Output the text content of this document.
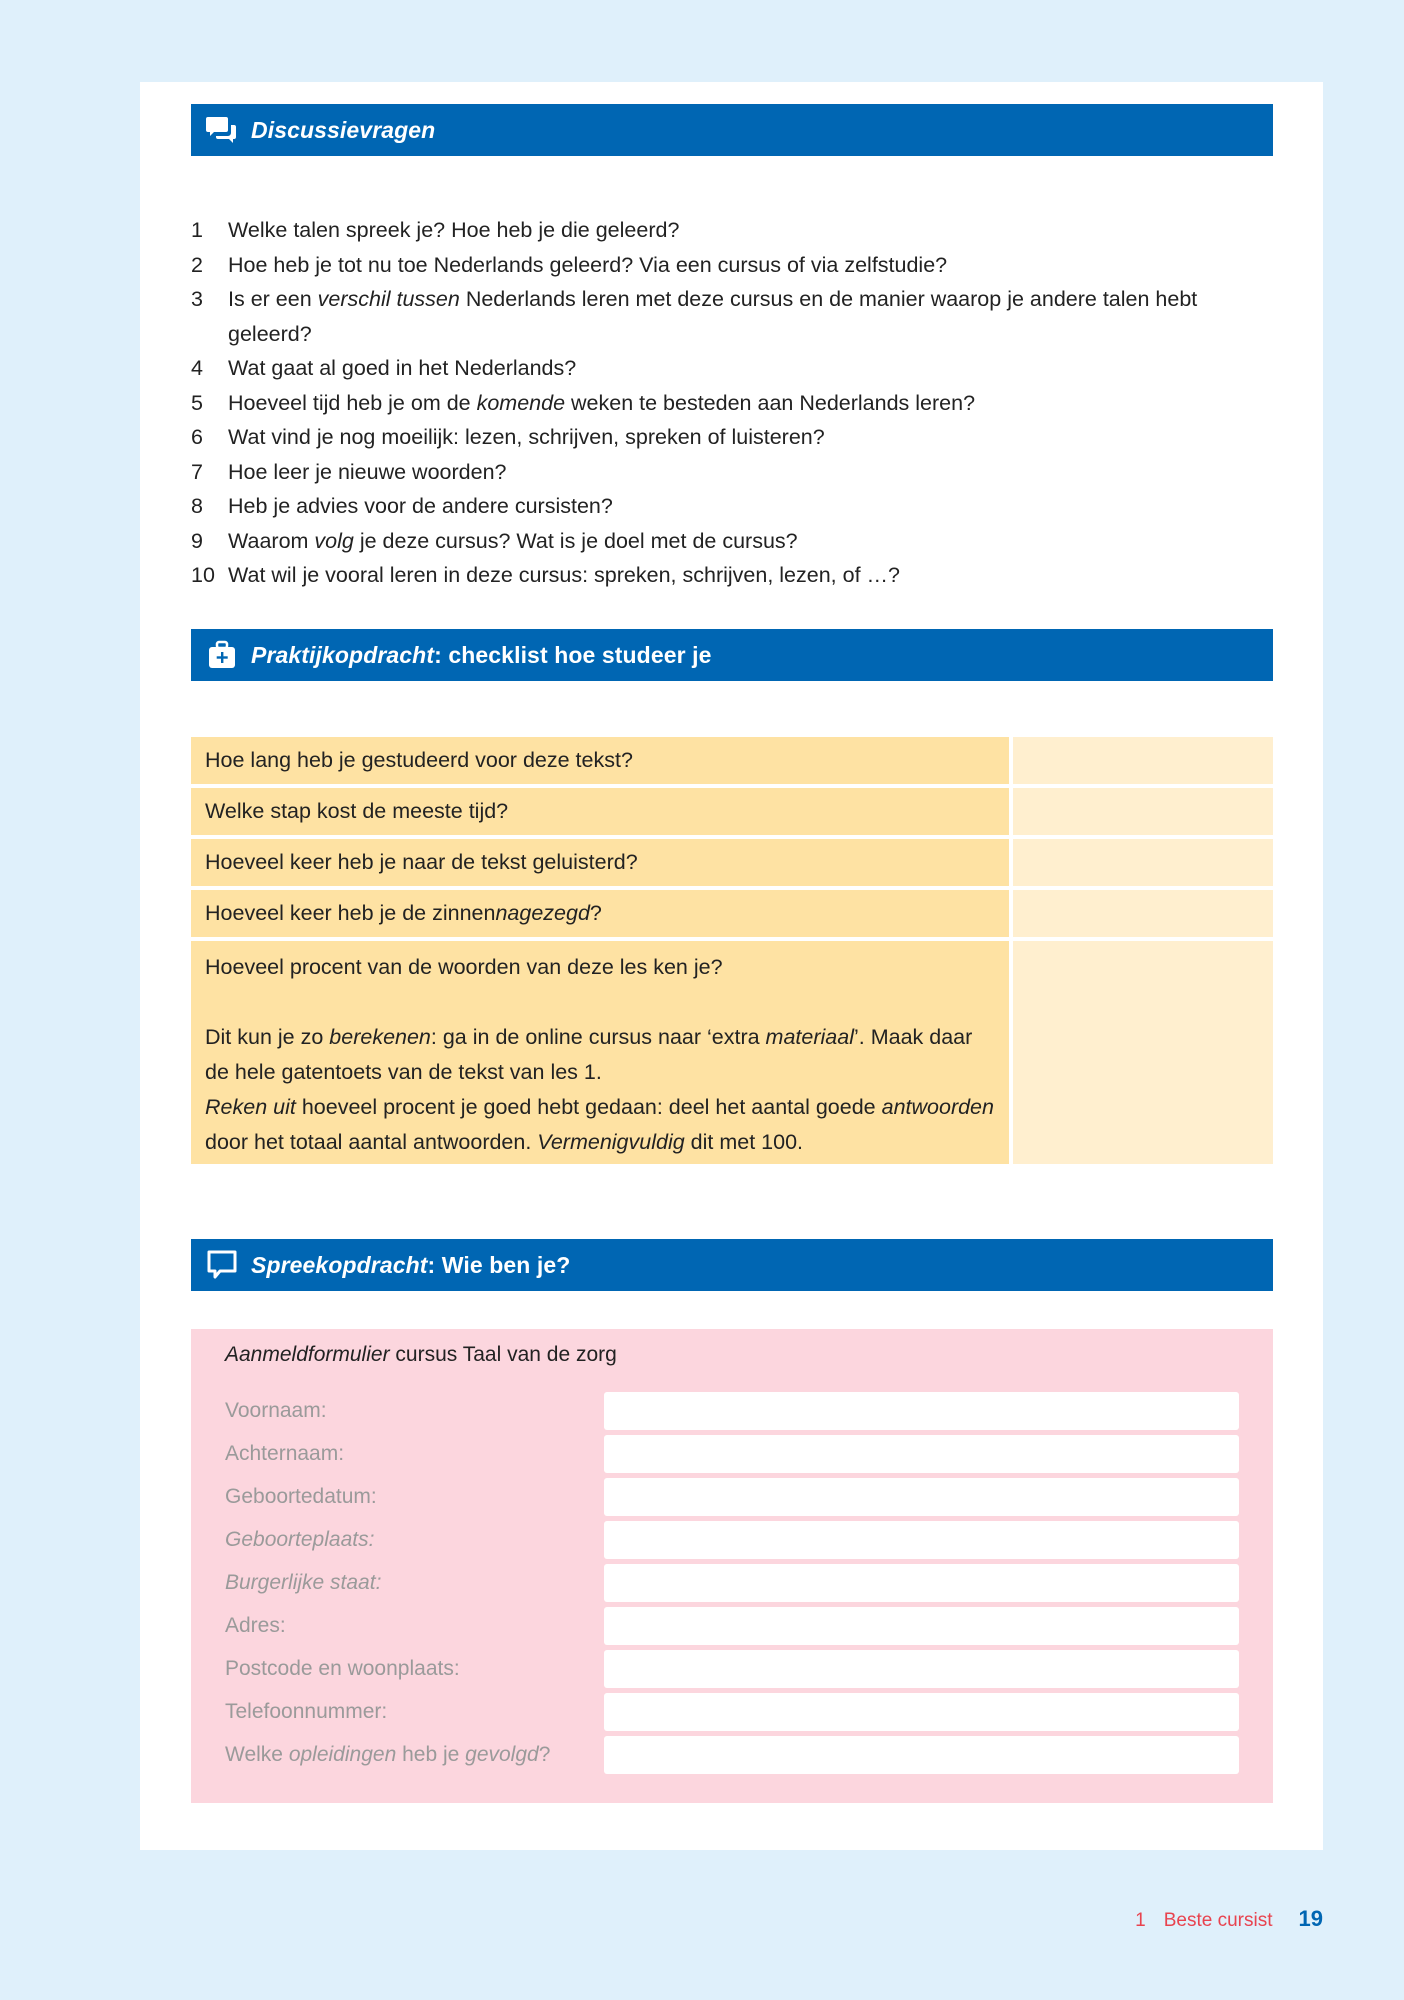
Discussievragen
1	Welke talen spreek je? Hoe heb je die geleerd?
2	Hoe heb je tot nu toe Nederlands geleerd? Via een cursus of via zelfstudie?
3	Is er een verschil tussen Nederlands leren met deze cursus en de manier waarop je andere talen hebt geleerd?
4	Wat gaat al goed in het Nederlands?
5	Hoeveel tijd heb je om de komende weken te besteden aan Nederlands leren?
6	Wat vind je nog moeilijk: lezen, schrijven, spreken of luisteren?
7	Hoe leer je nieuwe woorden?
8	Heb je advies voor de andere cursisten?
9	Waarom volg je deze cursus? Wat is je doel met de cursus?
10 Wat wil je vooral leren in deze cursus: spreken, schrijven, lezen, of …?
Praktijkopdracht: checklist hoe studeer je
Hoe lang heb je gestudeerd voor deze tekst?
Welke stap kost de meeste tijd?
Hoeveel keer heb je naar de tekst geluisterd?
Hoeveel keer heb je de zinnen nagezegd ?

Hoeveel procent van de woorden van deze les ken je?

Dit kun je zo berekenen: ga in de online cursus naar ‘extra materiaal’. Maak daar de hele gatentoets van de tekst van les 1.

Reken uit hoeveel procent je goed hebt gedaan: deel het aantal goede antwoorden door het totaal aantal antwoorden. Vermenigvuldig dit met 100.

Spreekopdracht: Wie ben je?
Aanmeldformulier cursus Taal van de zorg
Voornaam:
Achternaam:
Geboortedatum:
Geboorteplaats:
Burgerlijke staat:
Adres:
Postcode en woonplaats:
Telefoonnummer:
Welke opleidingen heb je gevolgd?
1 Beste cursist 19
